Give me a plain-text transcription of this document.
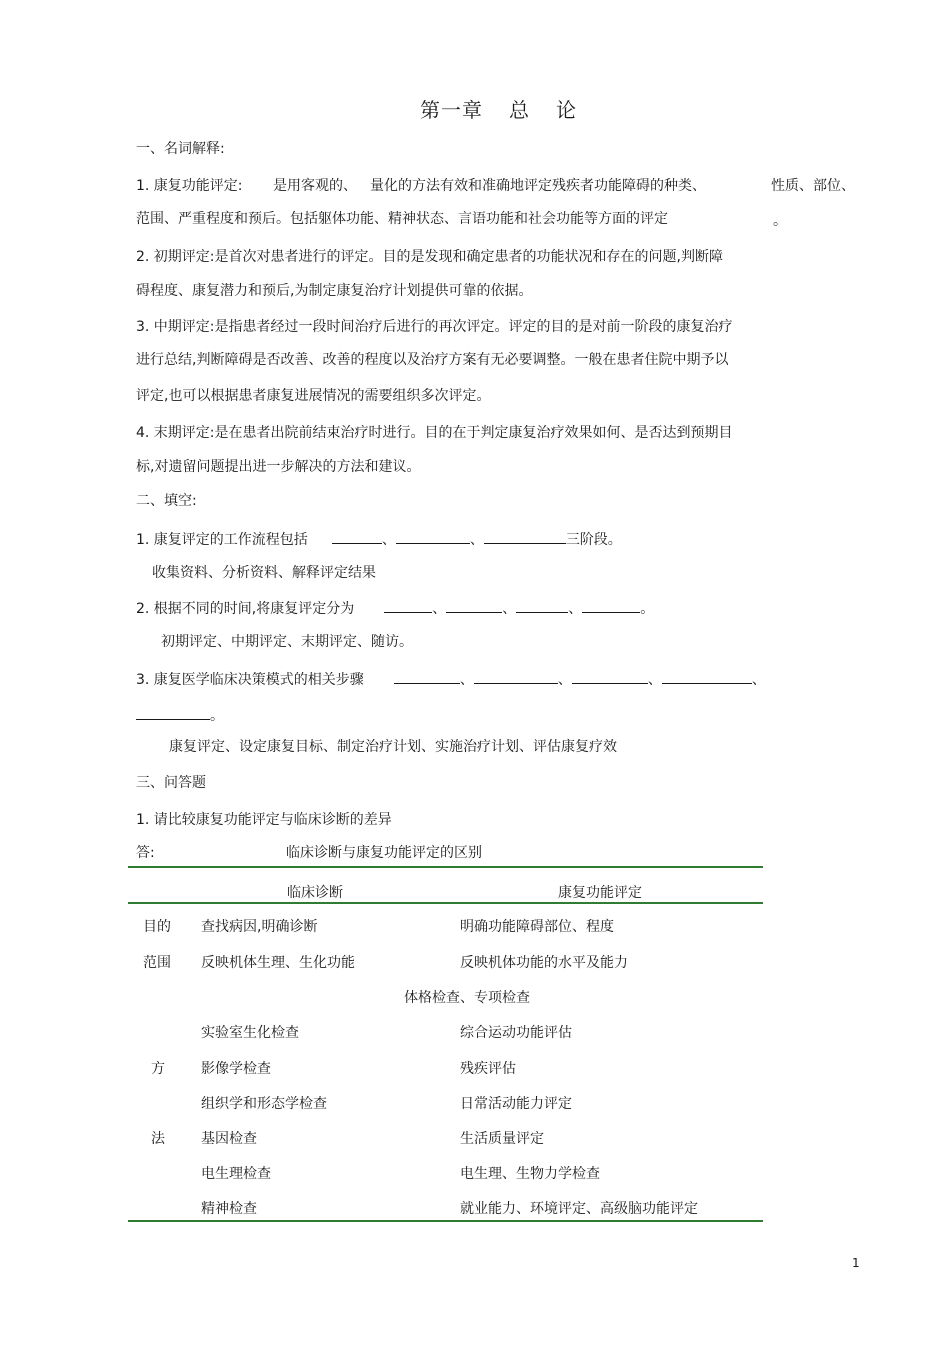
第一章 总 论
一、名词解释:
1. 康复功能评定: 是用客观的、 量化的方法有效和准确地评定残疾者功能障碍的种类、	性质、部位、
范围、严重程度和预后。包括躯体功能、精神状态、言语功能和社会功能等方面的评定	。
2. 初期评定:是首次对患者进行的评定。目的是发现和确定患者的功能状况和存在的问题,判断障
碍程度、康复潜力和预后,为制定康复治疗计划提供可靠的依据。
3. 中期评定:是指患者经过一段时间治疗后进行的再次评定。评定的目的是对前一阶段的康复治疗
进行总结,判断障碍是否改善、改善的程度以及治疗方案有无必要调整。一般在患者住院中期予以
评定,也可以根据患者康复进展情况的需要组织多次评定。
4. 末期评定:是在患者出院前结束治疗时进行。目的在于判定康复治疗效果如何、是否达到预期目
标,对遗留问题提出进一步解决的方法和建议。
二、填空:
1. 康复评定的工作流程包括	、	、	三阶段。
收集资料、分析资料、解释评定结果
2. 根据不同的时间,将康复评定分为	、	、	、	。
初期评定、中期评定、末期评定、随访。
3. 康复医学临床决策模式的相关步骤	、	、	、	、
。
康复评定、设定康复目标、制定治疗计划、实施治疗计划、评估康复疗效
三、问答题
1. 请比较康复功能评定与临床诊断的差异
答:	临床诊断与康复功能评定的区别
临床诊断	康复功能评定
目的 查找病因,明确诊断	明确功能障碍部位、程度
范围 反映机体生理、生化功能	反映机体功能的水平及能力
体格检查、专项检查
实验室生化检查	综合运动功能评估
方	影像学检查	残疾评估
组织学和形态学检查	日常活动能力评定
法	基因检查	生活质量评定
电生理检查	电生理、生物力学检查
精神检查	就业能力、环境评定、高级脑功能评定
1
